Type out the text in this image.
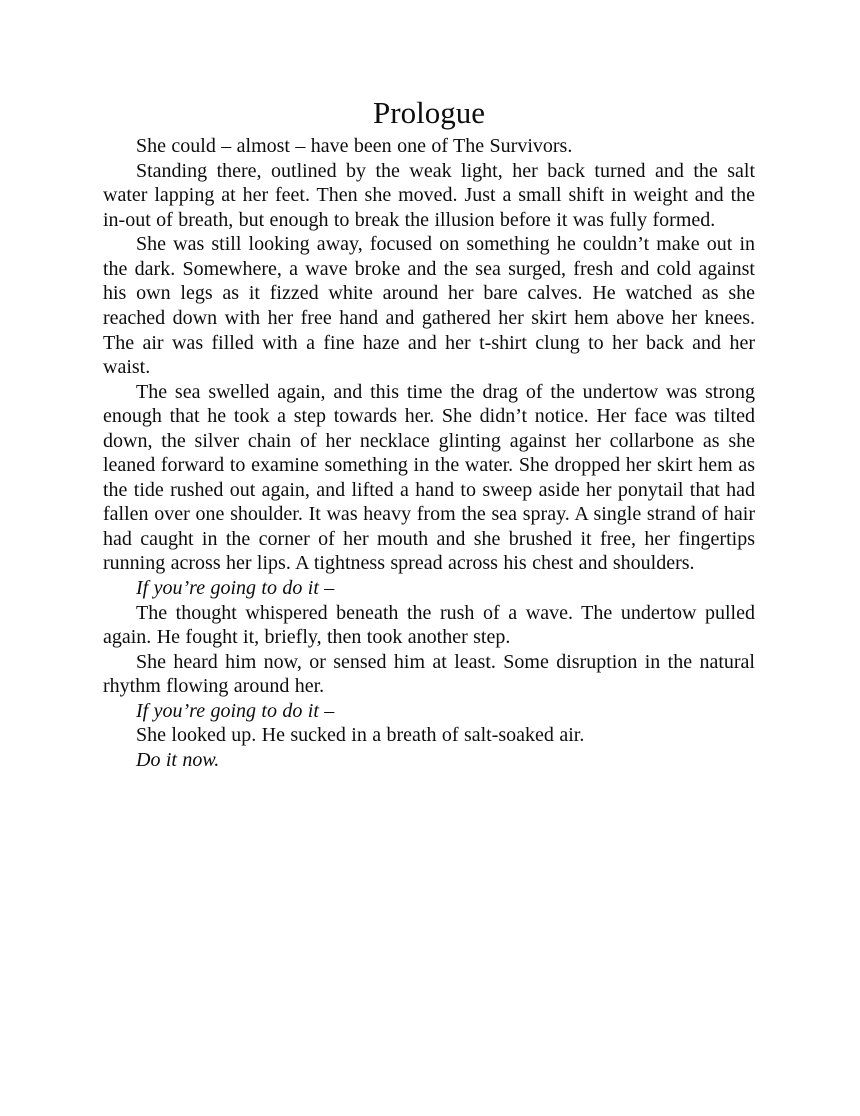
Prologue

She could – almost – have been one of The Survivors.

Standing there, outlined by the weak light, her back turned and the salt water lapping at her feet. Then she moved. Just a small shift in weight and the in-out of breath, but enough to break the illusion before it was fully formed.

She was still looking away, focused on something he couldn’t make out in the dark. Somewhere, a wave broke and the sea surged, fresh and cold against his own legs as it fizzed white around her bare calves. He watched as she reached down with her free hand and gathered her skirt hem above her knees. The air was filled with a fine haze and her t-shirt clung to her back and her waist.

The sea swelled again, and this time the drag of the undertow was strong enough that he took a step towards her. She didn’t notice. Her face was tilted down, the silver chain of her necklace glinting against her collarbone as she leaned forward to examine something in the water. She dropped her skirt hem as the tide rushed out again, and lifted a hand to sweep aside her ponytail that had fallen over one shoulder. It was heavy from the sea spray. A single strand of hair had caught in the corner of her mouth and she brushed it free, her fingertips running across her lips. A tightness spread across his chest and shoulders.

If you’re going to do it –

The thought whispered beneath the rush of a wave. The undertow pulled again. He fought it, briefly, then took another step.

She heard him now, or sensed him at least. Some disruption in the natural rhythm flowing around her.

If you’re going to do it –

She looked up. He sucked in a breath of salt-soaked air.

Do it now.
